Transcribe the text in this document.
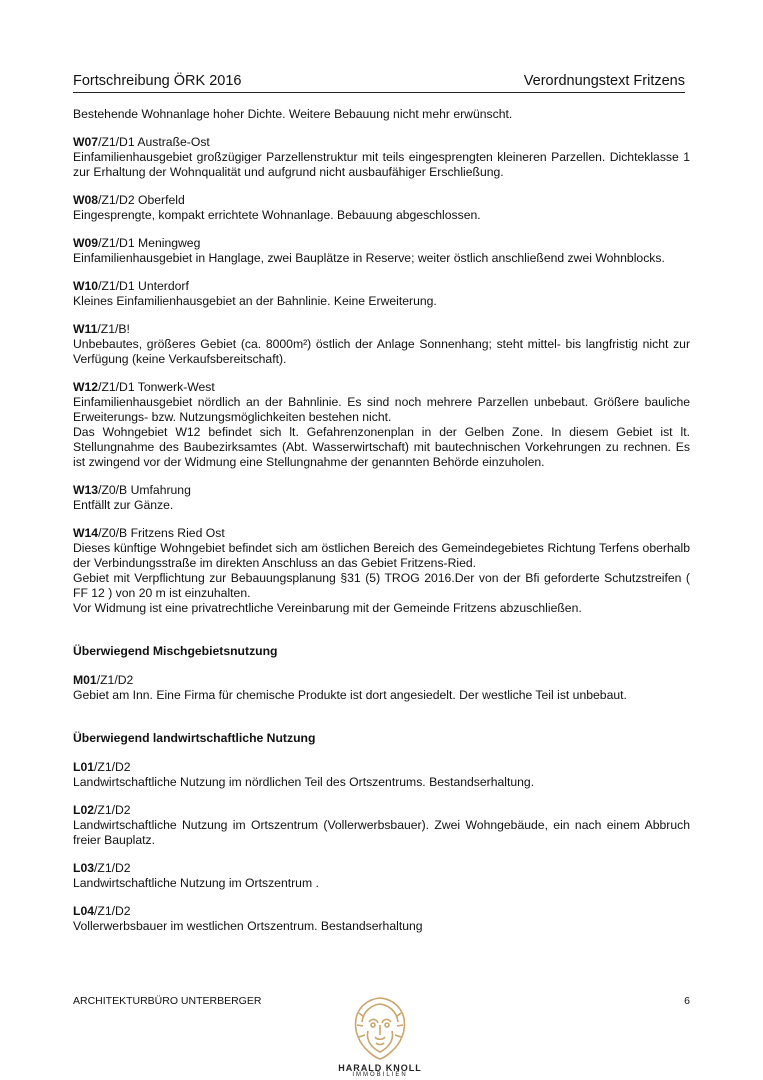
Fortschreibung ÖRK 2016	Verordnungstext Fritzens

Bestehende Wohnanlage hoher Dichte. Weitere Bebauung nicht mehr erwünscht.

W07/Z1/D1 Austraße-Ost

Einfamilienhausgebiet großzügiger Parzellenstruktur mit teils eingesprengten kleineren Parzellen. Dichteklasse 1 zur Erhaltung der Wohnqualität und aufgrund nicht ausbaufähiger Erschließung.

W08/Z1/D2 Oberfeld

Eingesprengte, kompakt errichtete Wohnanlage. Bebauung abgeschlossen.

W09/Z1/D1 Meningweg

Einfamilienhausgebiet in Hanglage, zwei Bauplätze in Reserve; weiter östlich anschließend zwei Wohnblocks.

W10/Z1/D1 Unterdorf

Kleines Einfamilienhausgebiet an der Bahnlinie. Keine Erweiterung.

W11/Z1/B!

Unbebautes, größeres Gebiet (ca. 8000m²) östlich der Anlage Sonnenhang; steht mittel- bis langfristig nicht zur Verfügung (keine Verkaufsbereitschaft).

W12/Z1/D1 Tonwerk-West

Einfamilienhausgebiet nördlich an der Bahnlinie. Es sind noch mehrere Parzellen unbebaut. Größere bauliche Erweiterungs- bzw. Nutzungsmöglichkeiten bestehen nicht.

Das Wohngebiet W12 befindet sich lt. Gefahrenzonenplan in der Gelben Zone. In diesem Gebiet ist lt. Stellungnahme des Baubezirksamtes (Abt. Wasserwirtschaft) mit bautechnischen Vorkehrungen zu rechnen. Es ist zwingend vor der Widmung eine Stellungnahme der genannten Behörde einzuholen.

W13/Z0/B Umfahrung

Entfällt zur Gänze.

W14/Z0/B Fritzens Ried Ost

Dieses künftige Wohngebiet befindet sich am östlichen Bereich des Gemeindegebietes Richtung Terfens oberhalb der Verbindungsstraße im direkten Anschluss an das Gebiet Fritzens-Ried.

Gebiet mit Verpflichtung zur Bebauungsplanung §31 (5) TROG 2016.Der von der Bfi geforderte Schutzstreifen ( FF 12 ) von 20 m ist einzuhalten.

Vor Widmung ist eine privatrechtliche Vereinbarung mit der Gemeinde Fritzens abzuschließen.

Überwiegend Mischgebietsnutzung
M01/Z1/D2

Gebiet am Inn. Eine Firma für chemische Produkte ist dort angesiedelt. Der westliche Teil ist unbebaut.

Überwiegend landwirtschaftliche Nutzung
L01/Z1/D2

Landwirtschaftliche Nutzung im nördlichen Teil des Ortszentrums. Bestandserhaltung.

L02/Z1/D2

Landwirtschaftliche Nutzung im Ortszentrum (Vollerwerbsbauer). Zwei Wohngebäude, ein nach einem Abbruch freier Bauplatz.

L03/Z1/D2

Landwirtschaftliche Nutzung im Ortszentrum .

L04/Z1/D2

Vollerwerbsbauer im westlichen Ortszentrum. Bestandserhaltung

ARCHITEKTURBÜRO UNTERBERGER	6
HARALD KNOLL
IMMOBILIEN
